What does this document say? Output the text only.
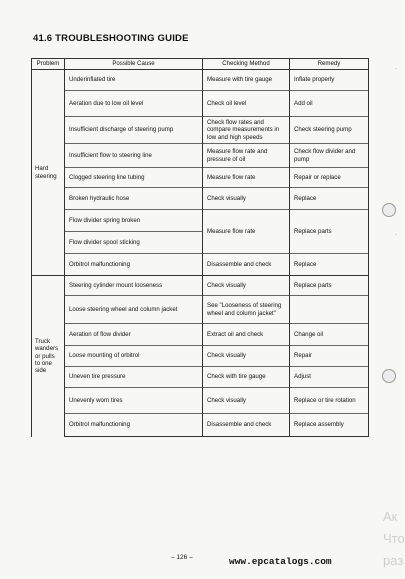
41.6 TROUBLESHOOTING GUIDE
Problem	Possible Cause	Checking Method	Remedy
Hard steering	Underinflated tire	Measure with tire gauge	Inflate properly
	Aeration due to low oil level	Check oil level	Add oil
	Insufficient discharge of steering pump	Check flow rates and compare measurements in low and high speeds	Check steering pump
	Insufficient flow to steering line	Measure flow rate and pressure of oil	Check flow divider and pump
	Clogged steering line tubing	Measure flow rate	Repair or replace
	Broken hydraulic hose	Check visually	Replace
	Flow divider spring broken	Measure flow rate	Replace parts
	Flow divider spool sticking		
	Orbitrol malfunctioning	Disassemble and check	Replace
Truck wanders or pulls to one side	Steering cylinder mount looseness	Check visually	Replace parts
	Loose steering wheel and column jacket	See "Looseness of steering wheel and column jacket"	
	Aeration of flow divider	Extract oil and check	Change oil
	Loose mounting of orbitrol	Check visually	Repair
	Uneven tire pressure	Check with tire gauge	Adjust
	Unevenly worn tires	Check visually	Replace or tire rotation
	Orbitrol malfunctioning	Disassemble and check	Replace assembly
·
·
Ак
Что
раз
– 126 –	www.epcatalogs.com
